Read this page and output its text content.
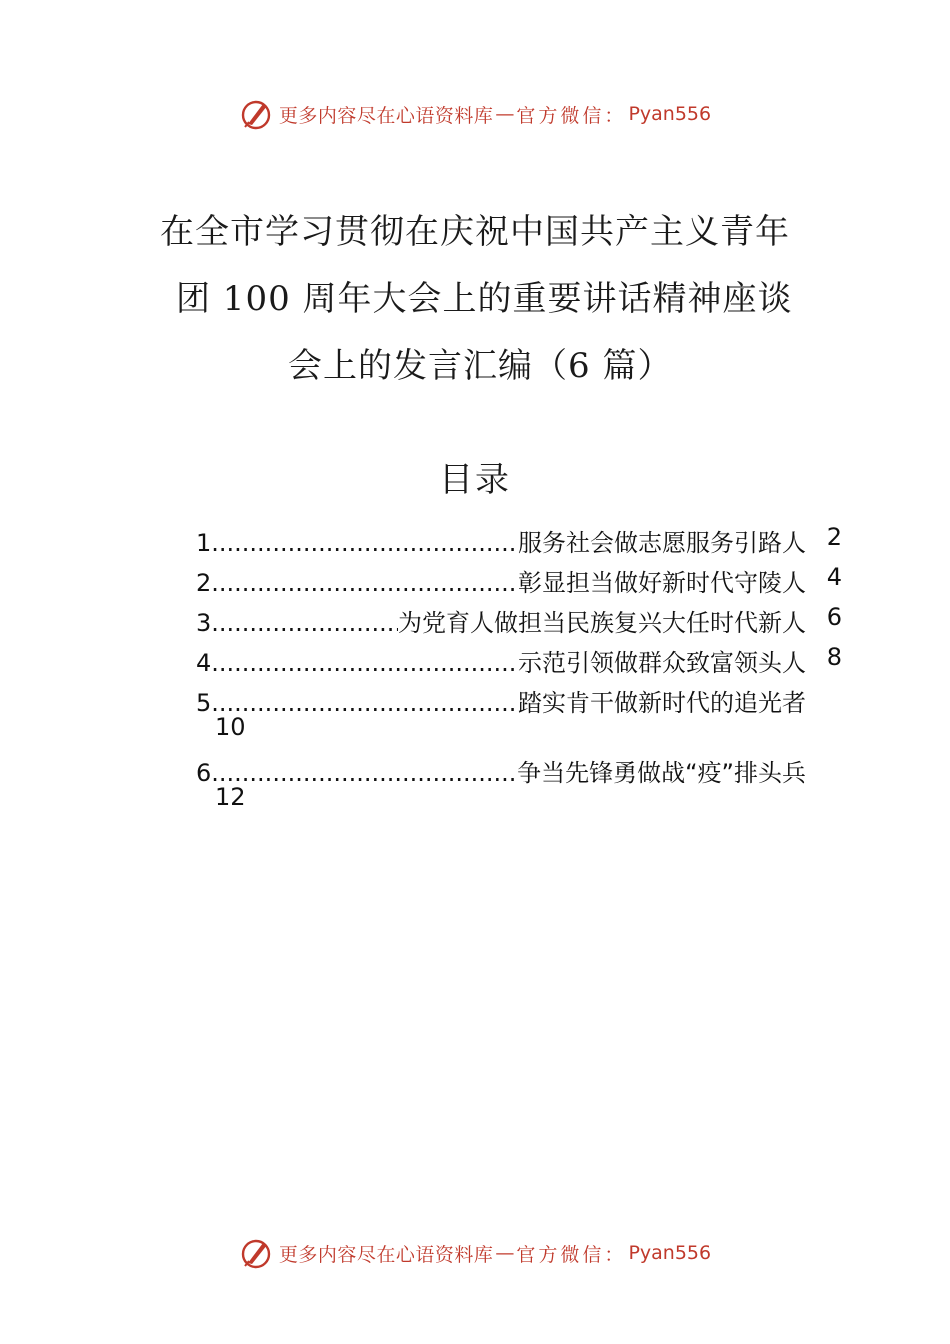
更多内容尽在心语资料库 — 官方微信： Pyan556
在全市学习贯彻在庆祝中国共产主义青年
团 100 周年大会上的重要讲话精神座谈
会上的发言汇编（6 篇）
目录
1 .....	服务社会做志愿服务引路人 2
2 .....	彰显担当做好新时代守陵人 4
3 .....	为党育人做担当民族复兴大任时代新人 6
4 .....	示范引领做群众致富领头人 8
5 .....	踏实肯干做新时代的追光者
10
6 .....	争当先锋勇做战“疫”排头兵
12
更多内容尽在心语资料库 — 官方微信： Pyan556
